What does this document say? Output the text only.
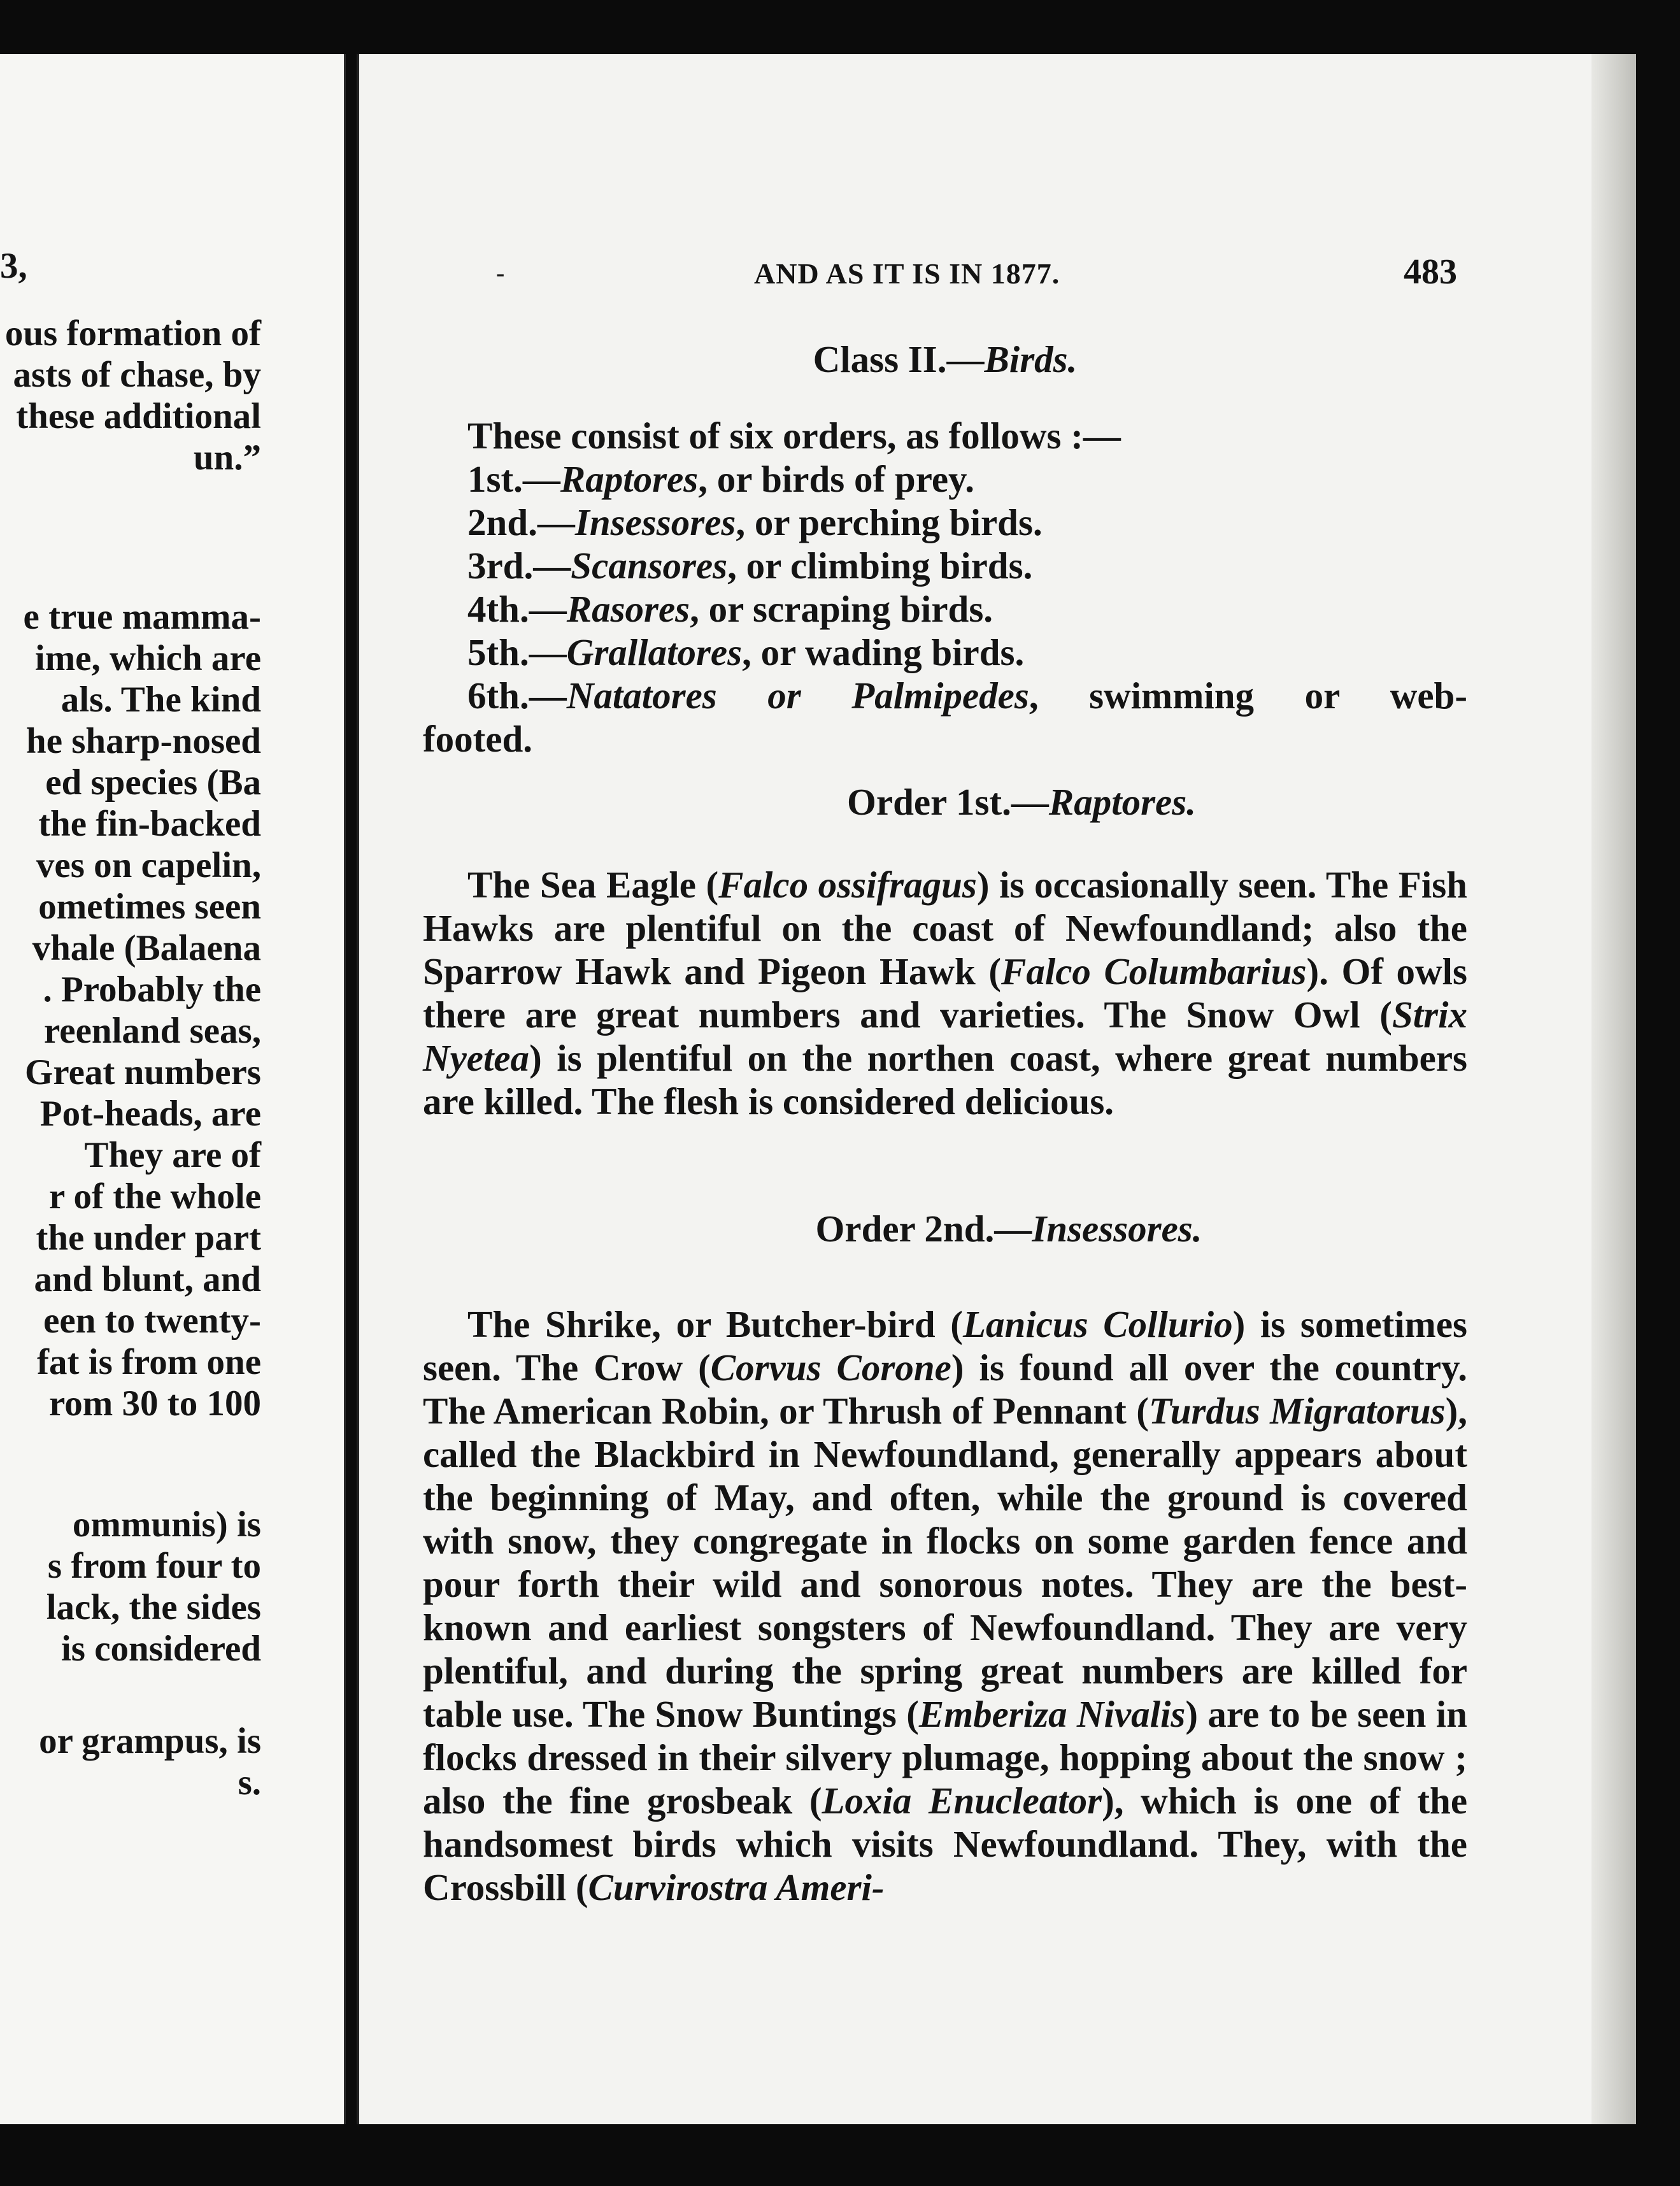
ous formation of
asts of chase, by
these additional
un.”
e true mamma-
ime, which are
als. The kind
he sharp-nosed
ed species (Ba
the fin-backed
ves on capelin,
ometimes seen
vhale (Balaena
. Probably the
reenland seas,
Great numbers
Pot-heads, are
They are of
r of the whole
the under part
and blunt, and
een to twenty-
fat is from one
rom 30 to 100
ommunis) is
s from four to
lack, the sides
is considered
or grampus, is
s.
3,	-	AND AS IT IS IN 1877.	483
Class II.—Birds.
These consist of six orders, as follows :—
1st.—Raptores, or birds of prey.
2nd.—Insessores, or perching birds.
3rd.—Scansores, or climbing birds.
4th.—Rasores, or scraping birds.
5th.—Grallatores, or wading birds.
6th.—Natatores or Palmipedes, swimming or web-
footed.
Order 1st.—Raptores.

The Sea Eagle (Falco ossifragus) is occasionally seen. The Fish Hawks are plentiful on the coast of Newfoundland; also the Sparrow Hawk and Pigeon Hawk (Falco Columbarius). Of owls there are great numbers and varieties. The Snow Owl (Strix Nyetea) is plentiful on the northen coast, where great numbers are killed. The flesh is considered delicious.

Order 2nd.—Insessores.

The Shrike, or Butcher-bird (Lanicus Collurio) is sometimes seen. The Crow (Corvus Corone) is found all over the country. The American Robin, or Thrush of Pennant (Turdus Migratorus), called the Blackbird in Newfoundland, generally appears about the beginning of May, and often, while the ground is covered with snow, they congregate in flocks on some garden fence and pour forth their wild and sonorous notes. They are the best-known and earliest songsters of Newfoundland. They are very plentiful, and during the spring great numbers are killed for table use. The Snow Buntings (Emberiza Nivalis) are to be seen in flocks dressed in their silvery plumage, hopping about the snow ; also the fine grosbeak (Loxia Enucleator), which is one of the handsomest birds which visits Newfoundland. They, with the Crossbill (Curvirostra Ameri-
